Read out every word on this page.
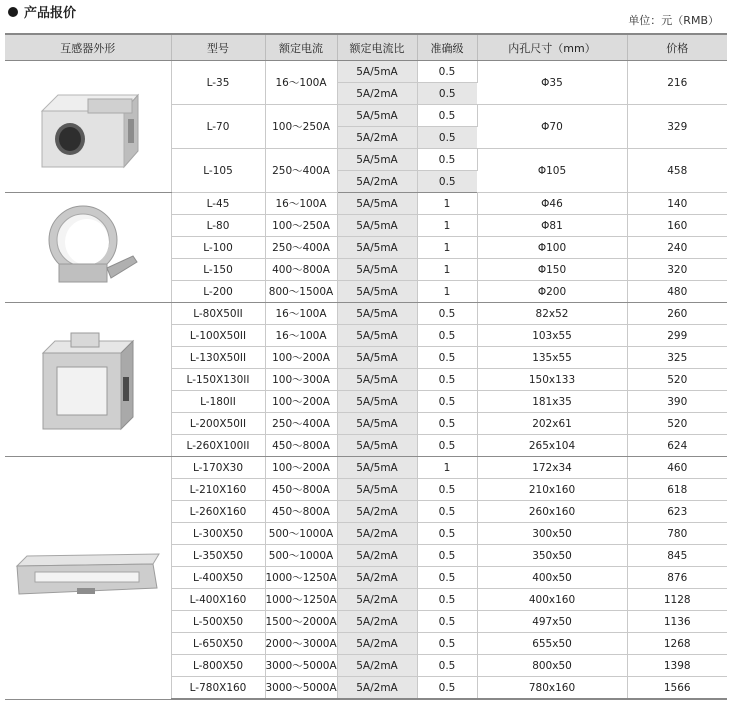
产品报价	单位：元（RMB）
互感器外形	型号	额定电流	额定电流比	准确级	内孔尺寸（mm）	价格

	L-35	16～100A	5A/5mA	0.5	Φ35	216
			5A/2mA	0.5		
	L-70	100～250A	5A/5mA	0.5	Φ70	329
			5A/2mA	0.5		
	L-105	250～400A	5A/5mA	0.5	Φ105	458
			5A/2mA	0.5		

	L-45	16～100A	5A/5mA	1	Φ46	140
	L-80	100～250A	5A/5mA	1	Φ81	160
	L-100	250～400A	5A/5mA	1	Φ100	240
	L-150	400～800A	5A/5mA	1	Φ150	320
	L-200	800～1500A	5A/5mA	1	Φ200	480

	L-80X50II	16～100A	5A/5mA	0.5	82x52	260
	L-100X50II	16～100A	5A/5mA	0.5	103x55	299
	L-130X50II	100～200A	5A/5mA	0.5	135x55	325
	L-150X130II	100～300A	5A/5mA	0.5	150x133	520
	L-180II	100～200A	5A/5mA	0.5	181x35	390
	L-200X50II	250～400A	5A/5mA	0.5	202x61	520
	L-260X100II	450～800A	5A/5mA	0.5	265x104	624

	L-170X30	100～200A	5A/5mA	1	172x34	460
	L-210X160	450～800A	5A/5mA	0.5	210x160	618
	L-260X160	450～800A	5A/2mA	0.5	260x160	623
	L-300X50	500～1000A	5A/2mA	0.5	300x50	780
	L-350X50	500～1000A	5A/2mA	0.5	350x50	845
	L-400X50	1000～1250A	5A/2mA	0.5	400x50	876
	L-400X160	1000～1250A	5A/2mA	0.5	400x160	1128
	L-500X50	1500～2000A	5A/2mA	0.5	497x50	1136
	L-650X50	2000～3000A	5A/2mA	0.5	655x50	1268
	L-800X50	3000～5000A	5A/2mA	0.5	800x50	1398
	L-780X160	3000～5000A	5A/2mA	0.5	780x160	1566
